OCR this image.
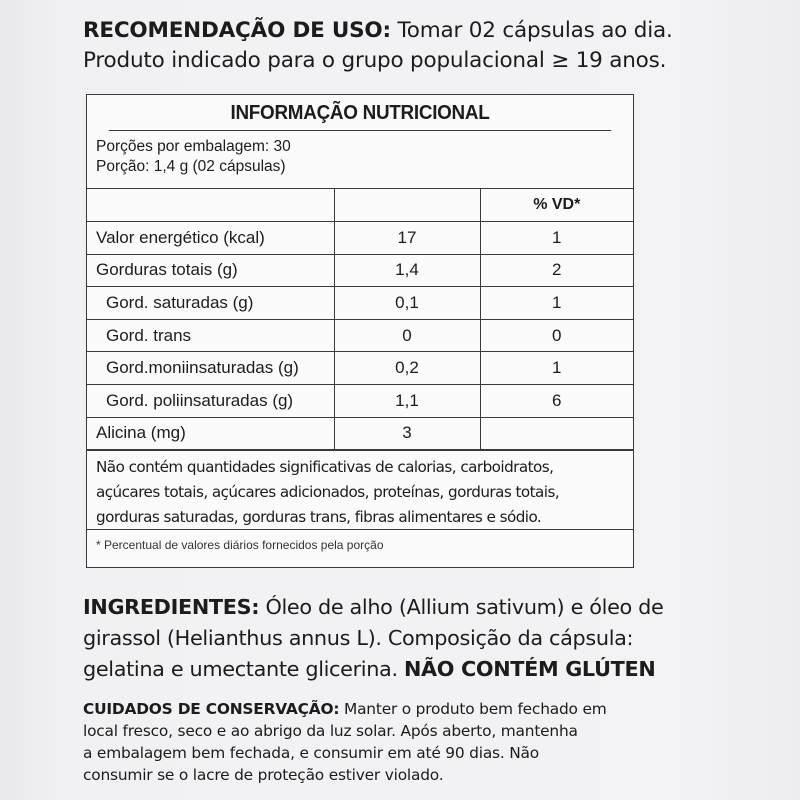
RECOMENDAÇÃO DE USO: Tomar 02 cápsulas ao dia.
Produto indicado para o grupo populacional ≥ 19 anos.
INFORMAÇÃO NUTRICIONAL
Porções por embalagem: 30
Porção: 1,4 g (02 cápsulas)
		% VD*
Valor energético (kcal)	17	1
Gorduras totais (g)	1,4	2
Gord. saturadas (g)	0,1	1
Gord. trans	0	0
Gord.moniinsaturadas (g)	0,2	1
Gord. poliinsaturadas (g)	1,1	6
Alicina (mg)	3	
Não contém quantidades significativas de calorias, carboidratos,
açúcares totais, açúcares adicionados, proteínas, gorduras totais,
gorduras saturadas, gorduras trans, fibras alimentares e sódio.
* Percentual de valores diários fornecidos pela porção
INGREDIENTES: Óleo de alho (Allium sativum) e óleo de
girassol (Helianthus annus L). Composição da cápsula:
gelatina e umectante glicerina. NÃO CONTÉM GLÚTEN
CUIDADOS DE CONSERVAÇÃO: Manter o produto bem fechado em
local fresco, seco e ao abrigo da luz solar. Após aberto, mantenha
a embalagem bem fechada, e consumir em até 90 dias. Não
consumir se o lacre de proteção estiver violado.
